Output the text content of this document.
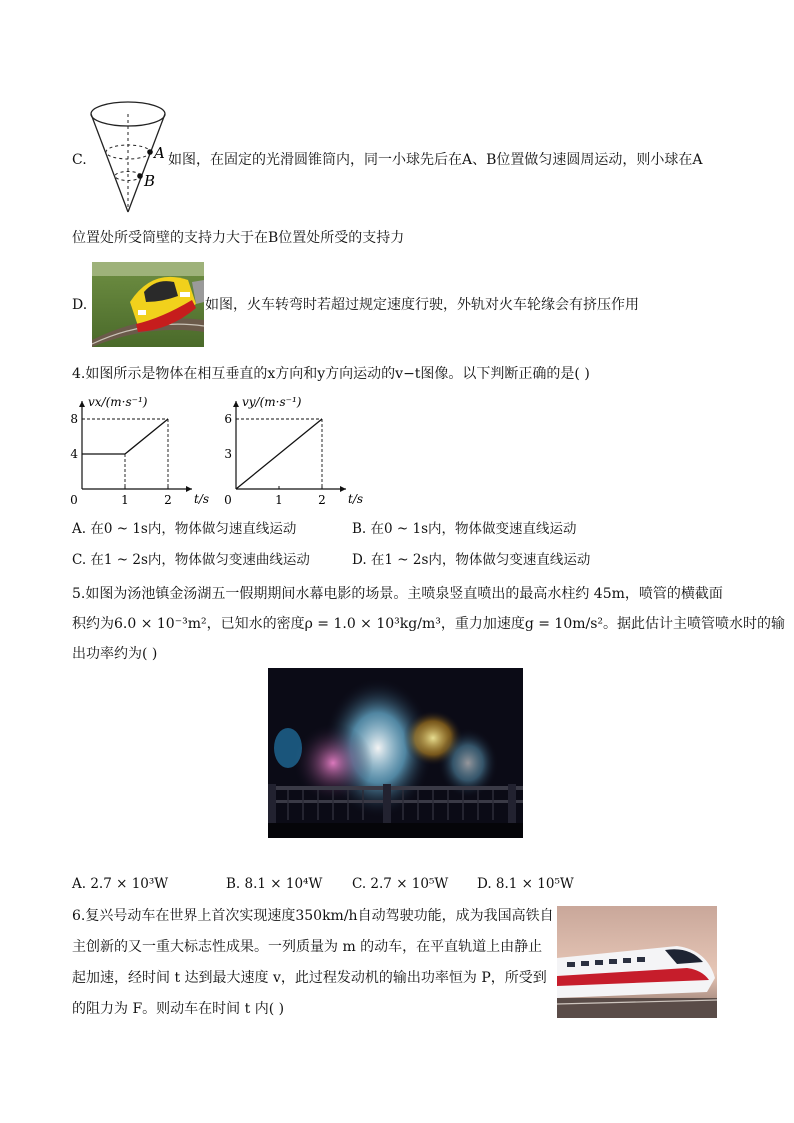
C.	A
B
如图，在固定的光滑圆锥筒内，同一小球先后在A、B位置做匀速圆周运动，则小球在A
位置处所受筒壁的支持力大于在B位置处所受的支持力
D.	如图，火车转弯时若超过规定速度行驶，外轨对火车轮缘会有挤压作用
4.如图所示是物体在相互垂直的x方向和y方向运动的v−t图像。以下判断正确的是( )
4
8
0	1	2
vx/(m·s⁻¹)
t/s
3
6
0	1	2
vy/(m·s⁻¹)
t/s
A. 在0 ~ 1s内，物体做匀速直线运动	B. 在0 ~ 1s内，物体做变速直线运动
C. 在1 ~ 2s内，物体做匀变速曲线运动	D. 在1 ~ 2s内，物体做匀变速直线运动
5.如图为汤池镇金汤湖五一假期期间水幕电影的场景。主喷泉竖直喷出的最高水柱约 45m，喷管的横截面
积约为6.0 × 10⁻³m²，已知水的密度ρ = 1.0 × 10³kg/m³，重力加速度g = 10m/s²。据此估计主喷管喷水时的输
出功率约为( )
A. 2.7 × 10³W	B. 8.1 × 10⁴W C. 2.7 × 10⁵W D. 8.1 × 10⁵W
6.复兴号动车在世界上首次实现速度350km/h自动驾驶功能，成为我国高铁自
主创新的又一重大标志性成果。一列质量为 m 的动车，在平直轨道上由静止
起加速，经时间 t 达到最大速度 v，此过程发动机的输出功率恒为 P，所受到
的阻力为 F。则动车在时间 t 内( )
